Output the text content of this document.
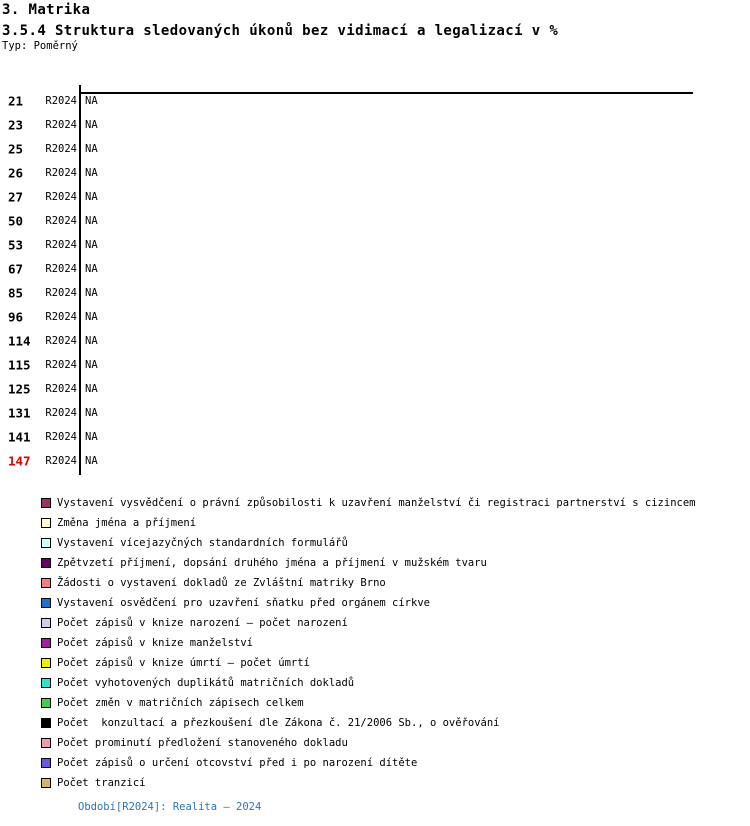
3. Matrika
3.5.4 Struktura sledovaných úkonů bez vidimací a legalizací v %
Typ: Poměrný
21 R2024 NA
23 R2024 NA
25 R2024 NA
26 R2024 NA
27 R2024 NA
50 R2024 NA
53 R2024 NA
67 R2024 NA
85 R2024 NA
96 R2024 NA
114 R2024 NA
115 R2024 NA
125 R2024 NA
131 R2024 NA
141 R2024 NA
147 R2024 NA
Vystavení vysvědčení o právní způsobilosti k uzavření manželství či registraci partnerství s cizincem
Změna jména a příjmení
Vystavení vícejazyčných standardních formulářů
Zpětvzetí příjmení, dopsání druhého jména a příjmení v mužském tvaru
Žádosti o vystavení dokladů ze Zvláštní matriky Brno
Vystavení osvědčení pro uzavření sňatku před orgánem církve
Počet zápisů v knize narození – počet narození
Počet zápisů v knize manželství
Počet zápisů v knize úmrtí – počet úmrtí
Počet vyhotovených duplikátů matričních dokladů
Počet změn v matričních zápisech celkem
Počet  konzultací a přezkoušení dle Zákona č. 21/2006 Sb., o ověřování
Počet prominutí předložení stanoveného dokladu
Počet zápisů o určení otcovství před i po narození dítěte
Počet tranzicí
Období[R2024]: Realita – 2024
